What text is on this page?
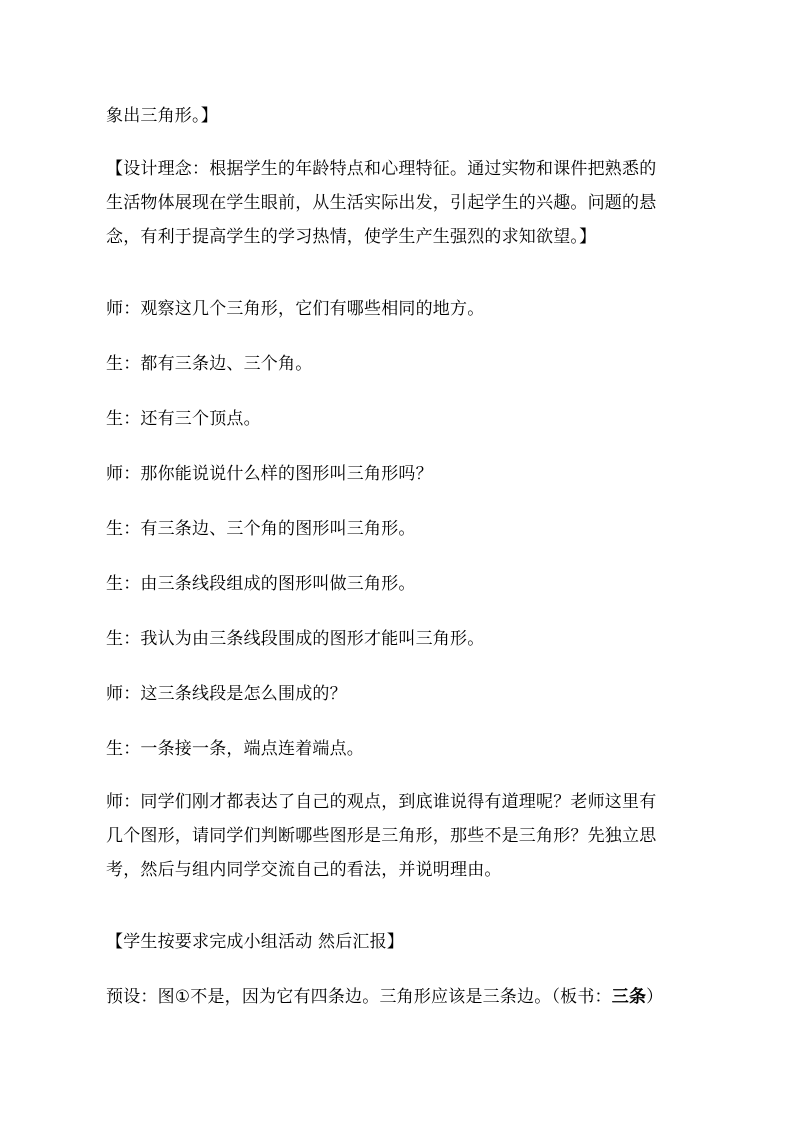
象出三角形。】

【设计理念：根据学生的年龄特点和心理特征。通过实物和课件把熟悉的
生活物体展现在学生眼前，从生活实际出发，引起学生的兴趣。问题的悬
念，有利于提高学生的学习热情，使学生产生强烈的求知欲望。】

师：观察这几个三角形，它们有哪些相同的地方。

生：都有三条边、三个角。

生：还有三个顶点。

师：那你能说说什么样的图形叫三角形吗？

生：有三条边、三个角的图形叫三角形。

生：由三条线段组成的图形叫做三角形。

生：我认为由三条线段围成的图形才能叫三角形。

师：这三条线段是怎么围成的？

生：一条接一条，端点连着端点。

师：同学们刚才都表达了自己的观点，到底谁说得有道理呢？老师这里有
几个图形，请同学们判断哪些图形是三角形，那些不是三角形？先独立思
考，然后与组内同学交流自己的看法，并说明理由。

【学生按要求完成小组活动 然后汇报】

预设：图①不是，因为它有四条边。三角形应该是三条边。（板书：三条）
